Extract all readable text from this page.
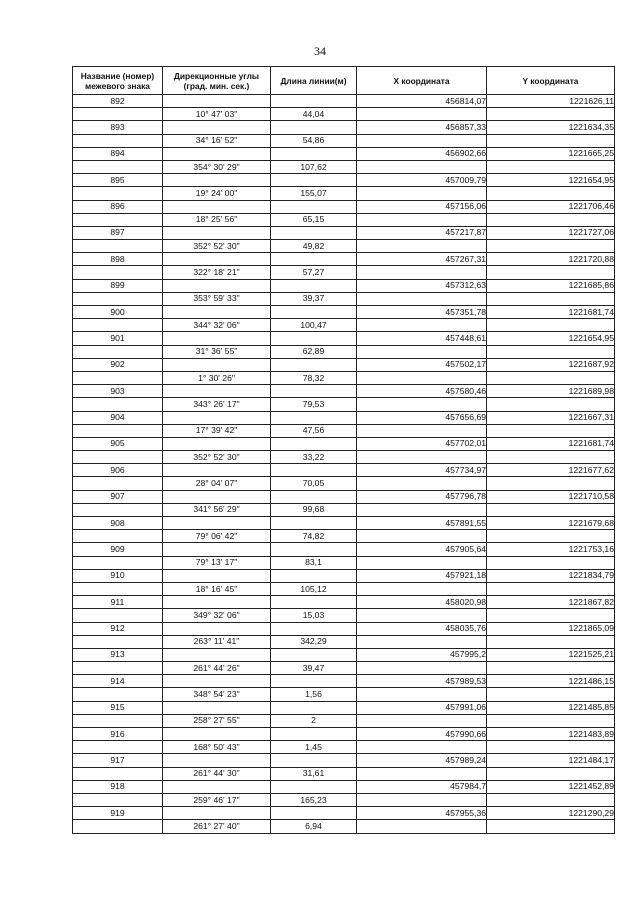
34
Название (номер) межевого знака	Дирекционные углы (град. мин. сек.)	Длина линии(м)	X координата	Y координата
892			456814,07	1221626,11
	10° 47' 03"	44,04		
893			456857,33	1221634,35
	34° 16' 52"	54,86		
894			456902,66	1221665,25
	354° 30' 29"	107,62		
895			457009,79	1221654,95
	19° 24' 00"	155,07		
896			457156,06	1221706,46
	18° 25' 56"	65,15		
897			457217,87	1221727,06
	352° 52' 30"	49,82		
898			457267,31	1221720,88
	322° 18' 21"	57,27		
899			457312,63	1221685,86
	353° 59' 33"	39,37		
900			457351,78	1221681,74
	344° 32' 06"	100,47		
901			457448,61	1221654,95
	31° 36' 55"	62,89		
902			457502,17	1221687,92
	1° 30' 26"	78,32		
903			457580,46	1221689,98
	343° 26' 17"	79,53		
904			457656,69	1221667,31
	17° 39' 42"	47,56		
905			457702,01	1221681,74
	352° 52' 30"	33,22		
906			457734,97	1221677,62
	28° 04' 07"	70,05		
907			457796,78	1221710,58
	341° 56' 29"	99,68		
908			457891,55	1221679,68
	79° 06' 42"	74,82		
909			457905,64	1221753,16
	79° 13' 17"	83,1		
910			457921,18	1221834,79
	18° 16' 45"	105,12		
911			458020,98	1221867,82
	349° 32' 06"	15,03		
912			458035,76	1221865,09
	263° 11' 41"	342,29		
913			457995,2	1221525,21
	261° 44' 26"	39,47		
914			457989,53	1221486,15
	348° 54' 23"	1,56		
915			457991,06	1221485,85
	258° 27' 55"	2		
916			457990,66	1221483,89
	168° 50' 43"	1,45		
917			457989,24	1221484,17
	261° 44' 30"	31,61		
918			457984,7	1221452,89
	259° 46' 17"	165,23		
919			457955,36	1221290,29
	261° 27' 40"	6,94		
